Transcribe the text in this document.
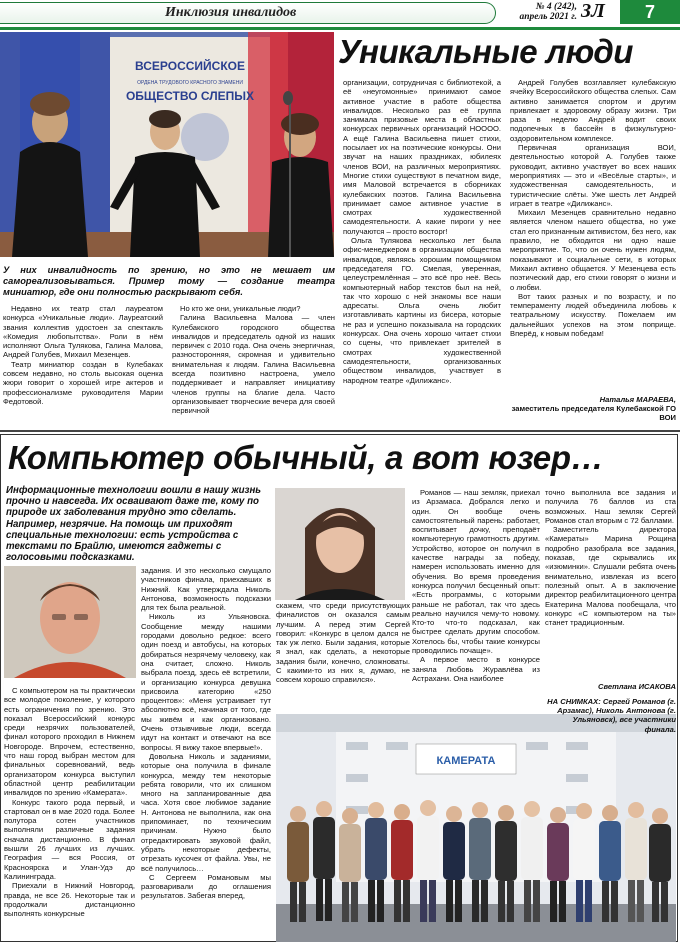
Инклюзия инвалидов	№ 4 (242),
апрель 2021 г. ЗЛ	7
ВСЕРОССИЙСКОЕ
ОРДЕНА ТРУДОВОГО КРАСНОГО ЗНАМЕНИ
ОБЩЕСТВО СЛЕПЫХ
Уникальные люди
У них инвалидность по зрению, но это не мешает им самореализовываться. Пример тому — создание театра миниатюр, где они полностью раскрывают себя.

Недавно их театр стал лауреатом конкурса «Уникальные люди». Лауреатский звания коллектив удостоен за спектакль «Комедия любопытства». Роли в нём исполняют Ольга Тулякова, Галина Малова, Андрей Голубев, Михаил Мезенцев.

Театр миниатюр создан в Кулебаках совсем недавно, но столь высокая оценка жюри говорит о хорошей игре актеров и профессионализме руководителя Марии Федотовой.

Но кто же они, уникальные люди?

Галина Васильевна Малова — член Кулебакского городского общества инвалидов и председатель одной из наших первичек с 2010 года. Она очень энергичная, разносторонняя, скромная и удивительно внимательная к людям. Галина Васильевна всегда позитивно настроена, умело поддерживает и направляет инициативу членов группы на благие дела. Часто организовывает творческие вечера для своей первичной

организации, сотрудничая с библиотекой, а её «неугомонные» принимают самое активное участие в работе общества инвалидов. Несколько раз её группа занимала призовые места в областных конкурсах первичных организаций НОООО. А ещё Галина Васильевна пишет стихи, посылает их на поэтические конкурсы. Они звучат на наших праздниках, юбилеях членов ВОИ, на различных мероприятиях. Многие стихи существуют в печатном виде, имя Маловой встречается в сборниках кулебакских поэтов. Галина Васильевна принимает самое активное участие в смотрах художественной самодеятельности. А какие пироги у нее получаются – просто восторг!

Ольга Тулякова несколько лет была офис-менеджером в организации общества инвалидов, являясь хорошим помощником председателя ГО. Смелая, уверенная, целеустремлённая – это всё про неё. Весь компьютерный набор текстов был на ней, так что хорошо с ней знакомы все наши адресаты. Ольга очень любит изготавливать картины из бисера, которые не раз и успешно показывала на городских конкурсах. Она очень хорошо читает стихи со сцены, что привлекает зрителей в смотрах художественной самодеятельности, организованных обществом инвалидов, участвует в народном театре «Дилижанс».

Андрей Голубев возглавляет кулебакскую ячейку Всероссийского общества слепых. Сам активно занимается спортом и другим привлекает к здоровому образу жизни. Три раза в неделю Андрей водит своих подопечных в бассейн в физкультурно-оздоровительном комплексе.

Первичная организация ВОИ, деятельностью которой А. Голубев также руководит, активно участвует во всех наших мероприятиях — это и «Весёлые старты», и художественная самодеятельность, и туристические слёты. Уже шесть лет Андрей играет в театре «Дилижанс».

Михаил Мезенцев сравнительно недавно является членом нашего общества, но уже стал его признанным активистом, без него, как правило, не обходится ни одно наше мероприятие. То, что он очень нужен людям, показывают и социальные сети, в которых Михаил активно общается. У Мезенцева есть поэтический дар, его стихи говорят о жизни и о любви.

Вот таких разных и по возрасту, и по темпераменту людей объединила любовь к театральному искусству. Пожелаем им дальнейших успехов на этом поприще. Вперёд, к новым победам!

Наталья МАРАЕВА,
заместитель председателя Кулебакской ГО ВОИ
Компьютер обычный, а вот юзер…
Информационные технологии вошли в нашу жизнь прочно и навсегда. Их осваивают даже те, кому по природе их заболевания трудно это сделать. Например, незрячие. На помощь им приходят специальные технологии: есть устройства с текстами по Брайлю, имеются гаджеты с голосовыми подсказками.
КАМЕРАТА

С компьютером на ты практически все молодое поколение, у которого есть ограничения по зрению. Это показал Всероссийский конкурс среди незрячих пользователей, финал которого проходил в Нижнем Новгороде. Впрочем, естественно, что наш город выбран местом для финальных соревнований, ведь организатором конкурса выступил областной центр реабилитации инвалидов по зрению «Камерата».

Конкурс такого рода первый, и стартовал он в мае 2020 года. Более полутора сотен участников выполняли различные задания сначала дистанционно. В финал вышли 26 лучших из лучших. География — вся Россия, от Красноярска и Улан-Удэ до Калининграда.

Приехали в Нижний Новгород, правда, не все 26. Некоторые так и продолжали дистанционно выполнять конкурсные

задания. И это несколько смущало участников финала, приехавших в Нижний. Как утверждала Николь Антонова, возможность подсказки для тех была реальной.

Николь из Ульяновска. Сообщение между нашими городами довольно редкое: всего один поезд и автобусы, на которых добираться незрячему человеку, как она считает, сложно. Николь выбрала поезд, здесь её встретили, и организацию конкурса девушка присвоила категорию «250 процентов»: «Меня устраивает тут абсолютно всё, начиная от того, где мы живём и как организовано. Очень отзывчивые люди, всегда идут на контакт и отвечают на все вопросы. Я вижу такое впервые!».

Довольна Николь и заданиями, которые она получила в финале конкурса, между тем некоторые ребята говорили, что их слишком много на запланированные два часа. Хотя свое любимое задание Н. Антонова не выполнила, как она припоминает, по техническим причинам. Нужно было отредактировать звуковой файл, убрать некоторые дефекты, отрезать кусочек от файла. Увы, не всё получилось…

С Сергеем Романовым мы разговаривали до оглашения результатов. Забегая вперед,

скажем, что среди присутствующих финалистов он оказался самым лучшим. А перед этим Сергей говорил: «Конкурс в целом дался не так уж легко. Были задания, которые я знал, как сделать, а некоторые задания были, конечно, сложноваты. С какими-то из них я, думаю, не совсем хорошо справился».

Романов — наш земляк, приехал из Арзамаса. Добрался легко и один. Он вообще очень самостоятельный парень: работает, воспитывает дочку, преподаёт компьютерную грамотность другим. Устройство, которое он получил в качестве награды за победу, намерен использовать именно для обучения. Во время проведения конкурса получил бесценный опыт: «Есть программы, с которыми раньше не работал, так что здесь реально научился чему-то новому. Кто-то что-то подсказал, как быстрее сделать другим способом. Хотелось бы, чтобы такие конкурсы проводились почаще».

А первое место в конкурсе заняла Любовь Журавлёва из Астрахани. Она наиболее

точно выполнила все задания и получила 76 баллов из ста возможных. Наш земляк Сергей Романов стал вторым с 72 баллами.

Заместитель директора «Камераты» Марина Рощина подробно разобрала все задания, показав, где скрывались их «изюминки». Слушали ребята очень внимательно, извлекая из всего полезный опыт. А в заключение директор реабилитационного центра Екатерина Малова пообещала, что конкурс «С компьютером на ты» станет традиционным.

Светлана ИСАКОВА
НА СНИМКАХ: Сергей Романов (г. Арзамас), Николь Антонова (г. Ульяновск), все участники финала.
